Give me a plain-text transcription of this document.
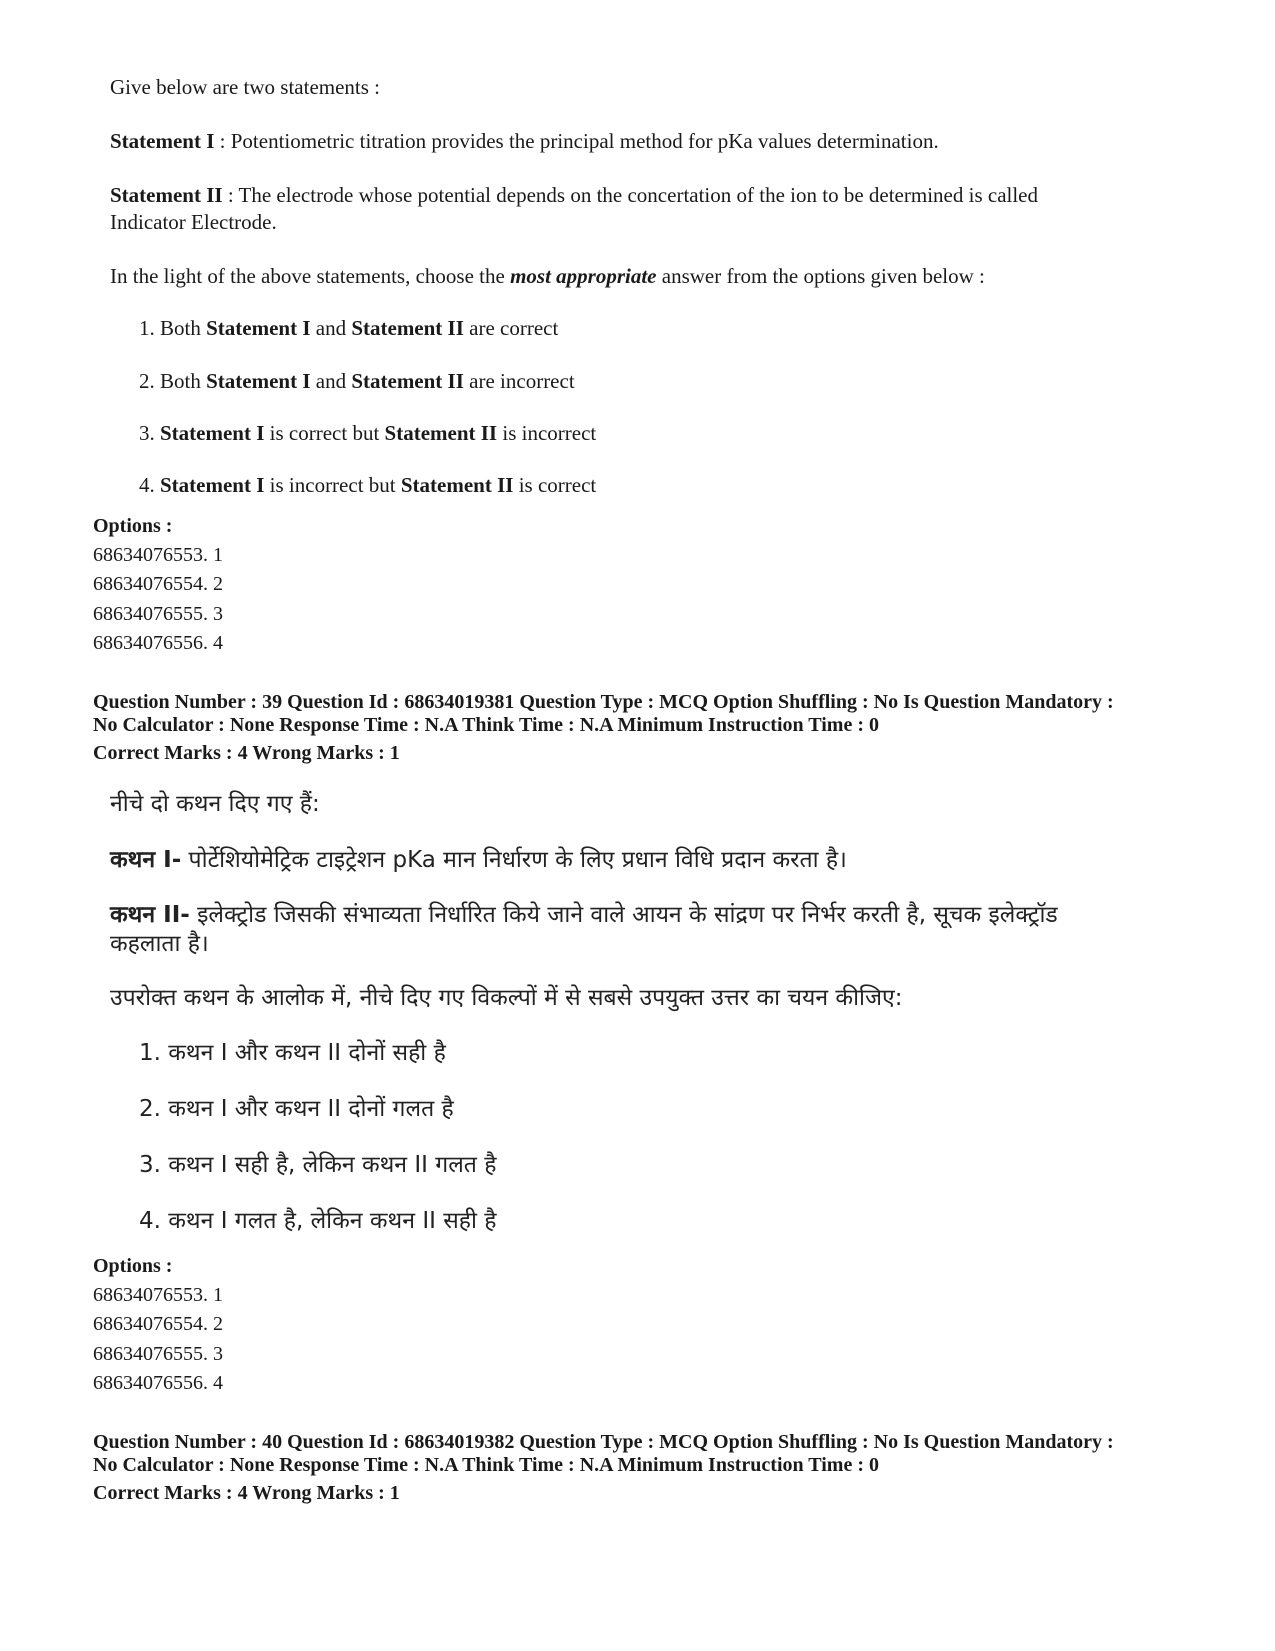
Give below are two statements :
Statement I : Potentiometric titration provides the principal method for pKa values determination.
Statement II : The electrode whose potential depends on the concertation of the ion to be determined is called
Indicator Electrode.
In the light of the above statements, choose the most appropriate answer from the options given below :
1. Both Statement I and Statement II are correct
2. Both Statement I and Statement II are incorrect
3. Statement I is correct but Statement II is incorrect
4. Statement I is incorrect but Statement II is correct
Options :
68634076553. 1
68634076554. 2
68634076555. 3
68634076556. 4
Question Number : 39 Question Id : 68634019381 Question Type : MCQ Option Shuffling : No Is Question Mandatory :
No Calculator : None Response Time : N.A Think Time : N.A Minimum Instruction Time : 0
Correct Marks : 4 Wrong Marks : 1
नीचे दो कथन दिए गए हैं:
कथन I- पोर्टेशियोमेट्रिक टाइट्रेशन pKa मान निर्धारण के लिए प्रधान विधि प्रदान करता है।
कथन II- इलेक्ट्रोड जिसकी संभाव्यता निर्धारित किये जाने वाले आयन के सांद्रण पर निर्भर करती है, सूचक इलेक्ट्रॉड
कहलाता है।
उपरोक्त कथन के आलोक में, नीचे दिए गए विकल्पों में से सबसे उपयुक्त उत्तर का चयन कीजिए:
1. कथन I और कथन II दोनों सही है
2. कथन I और कथन II दोनों गलत है
3. कथन I सही है, लेकिन कथन II गलत है
4. कथन I गलत है, लेकिन कथन II सही है
Options :
68634076553. 1
68634076554. 2
68634076555. 3
68634076556. 4
Question Number : 40 Question Id : 68634019382 Question Type : MCQ Option Shuffling : No Is Question Mandatory :
No Calculator : None Response Time : N.A Think Time : N.A Minimum Instruction Time : 0
Correct Marks : 4 Wrong Marks : 1
